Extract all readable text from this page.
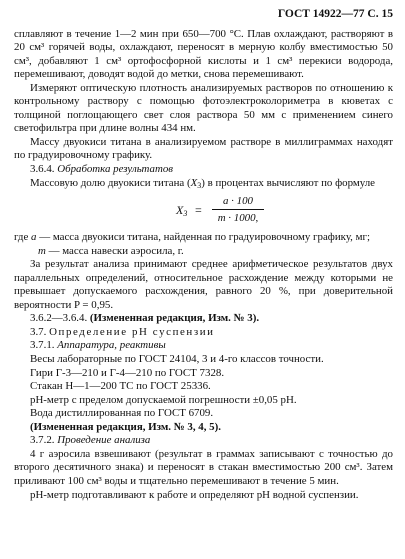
ГОСТ 14922—77 С. 15

сплавляют в течение 1—2 мин при 650—700 °С. Плав охлаждают, растворяют в 20 см³ горячей воды, охлаждают, переносят в мерную колбу вместимостью 50 см³, добавляют 1 см³ ортофосфорной кислоты и 1 см³ перекиси водорода, перемешивают, доводят водой до метки, снова перемешивают.

Измеряют оптическую плотность анализируемых растворов по отношению к контрольному раствору с помощью фотоэлектроколориметра в кюветах с толщиной поглощающего свет слоя раствора 50 мм с применением синего светофильтра при длине волны 434 нм.

Массу двуокиси титана в анализируемом растворе в миллиграммах находят по градуировочному графику.

3.6.4. Обработка результатов

Массовую долю двуокиси титана $(X_3)$ в процентах вычисляют по формуле

$X_3$ =
a · 100
m · 1000,

где a — масса двуокиси титана, найденная по градуировочному графику, мг;

m — масса навески аэросила, г.

За результат анализа принимают среднее арифметическое результатов двух параллельных определений, относительное расхождение между которыми не превышает допускаемого расхождения, равного 20 %, при доверительной вероятности P = 0,95.

3.6.2—3.6.4. (Измененная редакция, Изм. № 3).

3.7. Определение рН суспензии

3.7.1. Аппаратура, реактивы

Весы лабораторные по ГОСТ 24104, 3 и 4-го классов точности.

Гири Г-3—210 и Г-4—210 по ГОСТ 7328.

Стакан Н—1—200 ТС по ГОСТ 25336.

рН-метр с пределом допускаемой погрешности ±0,05 рН.

Вода дистиллированная по ГОСТ 6709.

(Измененная редакция, Изм. № 3, 4, 5).

3.7.2. Проведение анализа

4 г аэросила взвешивают (результат в граммах записывают с точностью до второго десятичного знака) и переносят в стакан вместимостью 200 см³. Затем приливают 100 см³ воды и тщательно перемешивают в течение 5 мин.

рН-метр подготавливают к работе и определяют рН водной суспензии.
